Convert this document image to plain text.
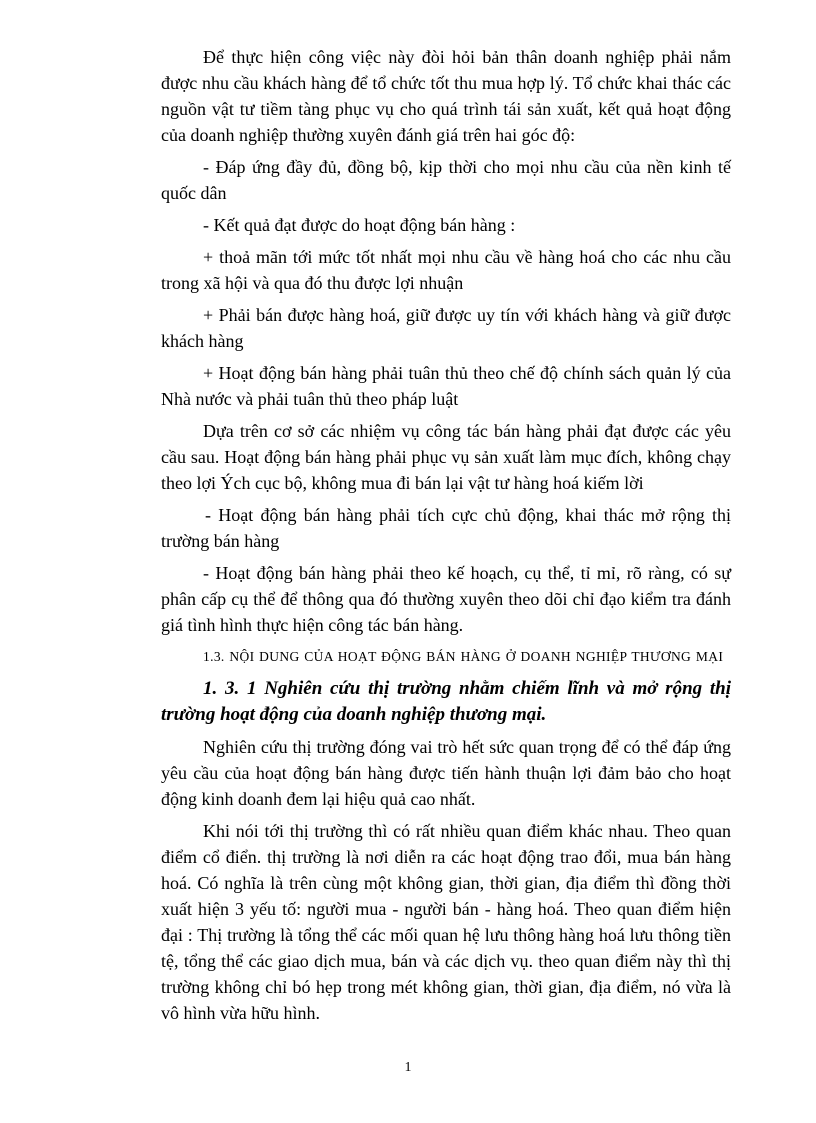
Để thực hiện công việc này đòi hỏi bản thân doanh nghiệp phải nắm được nhu cầu khách hàng để tổ chức tốt thu mua hợp lý. Tổ chức khai thác các nguồn vật tư tiềm tàng phục vụ cho quá trình tái sản xuất, kết quả hoạt động của doanh nghiệp thường xuyên đánh giá trên hai góc độ:

- Đáp ứng đầy đủ, đồng bộ, kịp thời cho mọi nhu cầu của nền kinh tế quốc dân

- Kết quả đạt được do hoạt động bán hàng :

+ thoả mãn tới mức tốt nhất mọi nhu cầu về hàng hoá cho các nhu cầu trong xã hội và qua đó thu được lợi nhuận

+ Phải bán được hàng hoá, giữ được uy tín với khách hàng và giữ được khách hàng

+ Hoạt động bán hàng phải tuân thủ theo chế độ chính sách quản lý của Nhà nước và phải tuân thủ theo pháp luật

Dựa trên cơ sở các nhiệm vụ công tác bán hàng phải đạt được các yêu cầu sau. Hoạt động bán hàng phải phục vụ sản xuất làm mục đích, không chạy theo lợi Ých cục bộ, không mua đi bán lại vật tư hàng hoá kiếm lời

- Hoạt động bán hàng phải tích cực chủ động, khai thác mở rộng thị trường bán hàng

- Hoạt động bán hàng phải theo kế hoạch, cụ thể, tỉ mỉ, rõ ràng, có sự phân cấp cụ thể để thông qua đó thường xuyên theo dõi chỉ đạo kiểm tra đánh giá tình hình thực hiện công tác bán hàng.

1.3. NỘI DUNG CỦA HOẠT ĐỘNG BÁN HÀNG Ở DOANH NGHIỆP THƯƠNG MẠI

1. 3. 1 Nghiên cứu thị trường nhằm chiếm lĩnh và mở rộng thị trường hoạt động của doanh nghiệp thương mại.

Nghiên cứu thị trường đóng vai trò hết sức quan trọng để có thể đáp ứng yêu cầu của hoạt động bán hàng được tiến hành thuận lợi đảm bảo cho hoạt động kinh doanh đem lại hiệu quả cao nhất.

Khi nói tới thị trường thì có rất nhiều quan điểm khác nhau. Theo quan điểm cổ điển. thị trường là nơi diễn ra các hoạt động trao đổi, mua bán hàng hoá. Có nghĩa là trên cùng một không gian, thời gian, địa điểm thì đồng thời xuất hiện 3 yếu tố: người mua - người bán - hàng hoá. Theo quan điểm hiện đại : Thị trường là tổng thể các mối quan hệ lưu thông hàng hoá lưu thông tiền tệ, tổng thể các giao dịch mua, bán và các dịch vụ. theo quan điểm này thì thị trường không chỉ bó hẹp trong mét không gian, thời gian, địa điểm, nó vừa là vô hình vừa hữu hình.

1
